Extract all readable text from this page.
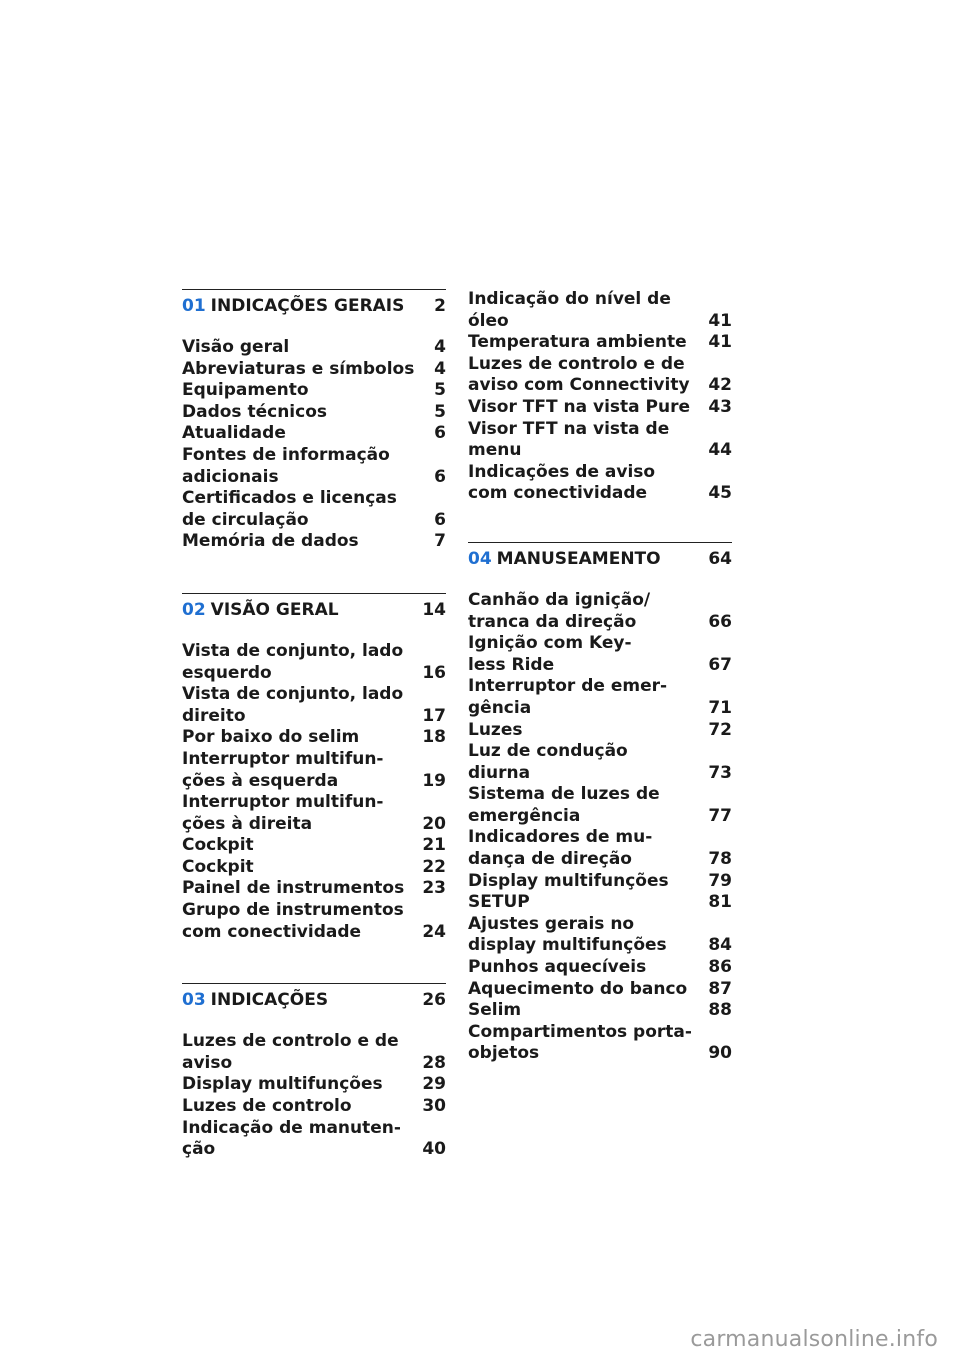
01 INDICAÇÕES GERAIS	2
Visão geral	4
Abreviaturas e símbolos	4
Equipamento	5
Dados técnicos	5
Atualidade	6
Fontes de informação
adicionais	6
Certificados e licenças
de circulação	6
Memória de dados	7
02 VISÃO GERAL	14
Vista de conjunto, lado
esquerdo	16
Vista de conjunto, lado
direito	17
Por baixo do selim	18
Interruptor multifun-
ções à esquerda	19
Interruptor multifun-
ções à direita	20
Cockpit	21
Cockpit	22
Painel de instrumentos 23
Grupo de instrumentos
com conectividade	24
03 INDICAÇÕES	26
Luzes de controlo e de
aviso	28
Display multifunções 29
Luzes de controlo	30
Indicação de manuten-
ção	40
Indicação do nível de
óleo	41
Temperatura ambiente 41
Luzes de controlo e de
aviso com Connectivity 42
Visor TFT na vista Pure 43
Visor TFT na vista de
menu	44
Indicações de aviso
com conectividade	45
04 MANUSEAMENTO	64
Canhão da ignição/
tranca da direção	66
Ignição com Key-
less Ride	67
Interruptor de emer-
gência	71
Luzes	72
Luz de condução
diurna	73
Sistema de luzes de
emergência	77
Indicadores de mu-
dança de direção	78
Display multifunções 79
SETUP	81
Ajustes gerais no
display multifunções 84
Punhos aquecíveis	86
Aquecimento do banco 87
Selim	88
Compartimentos porta-
objetos	90
carmanualsonline.info
